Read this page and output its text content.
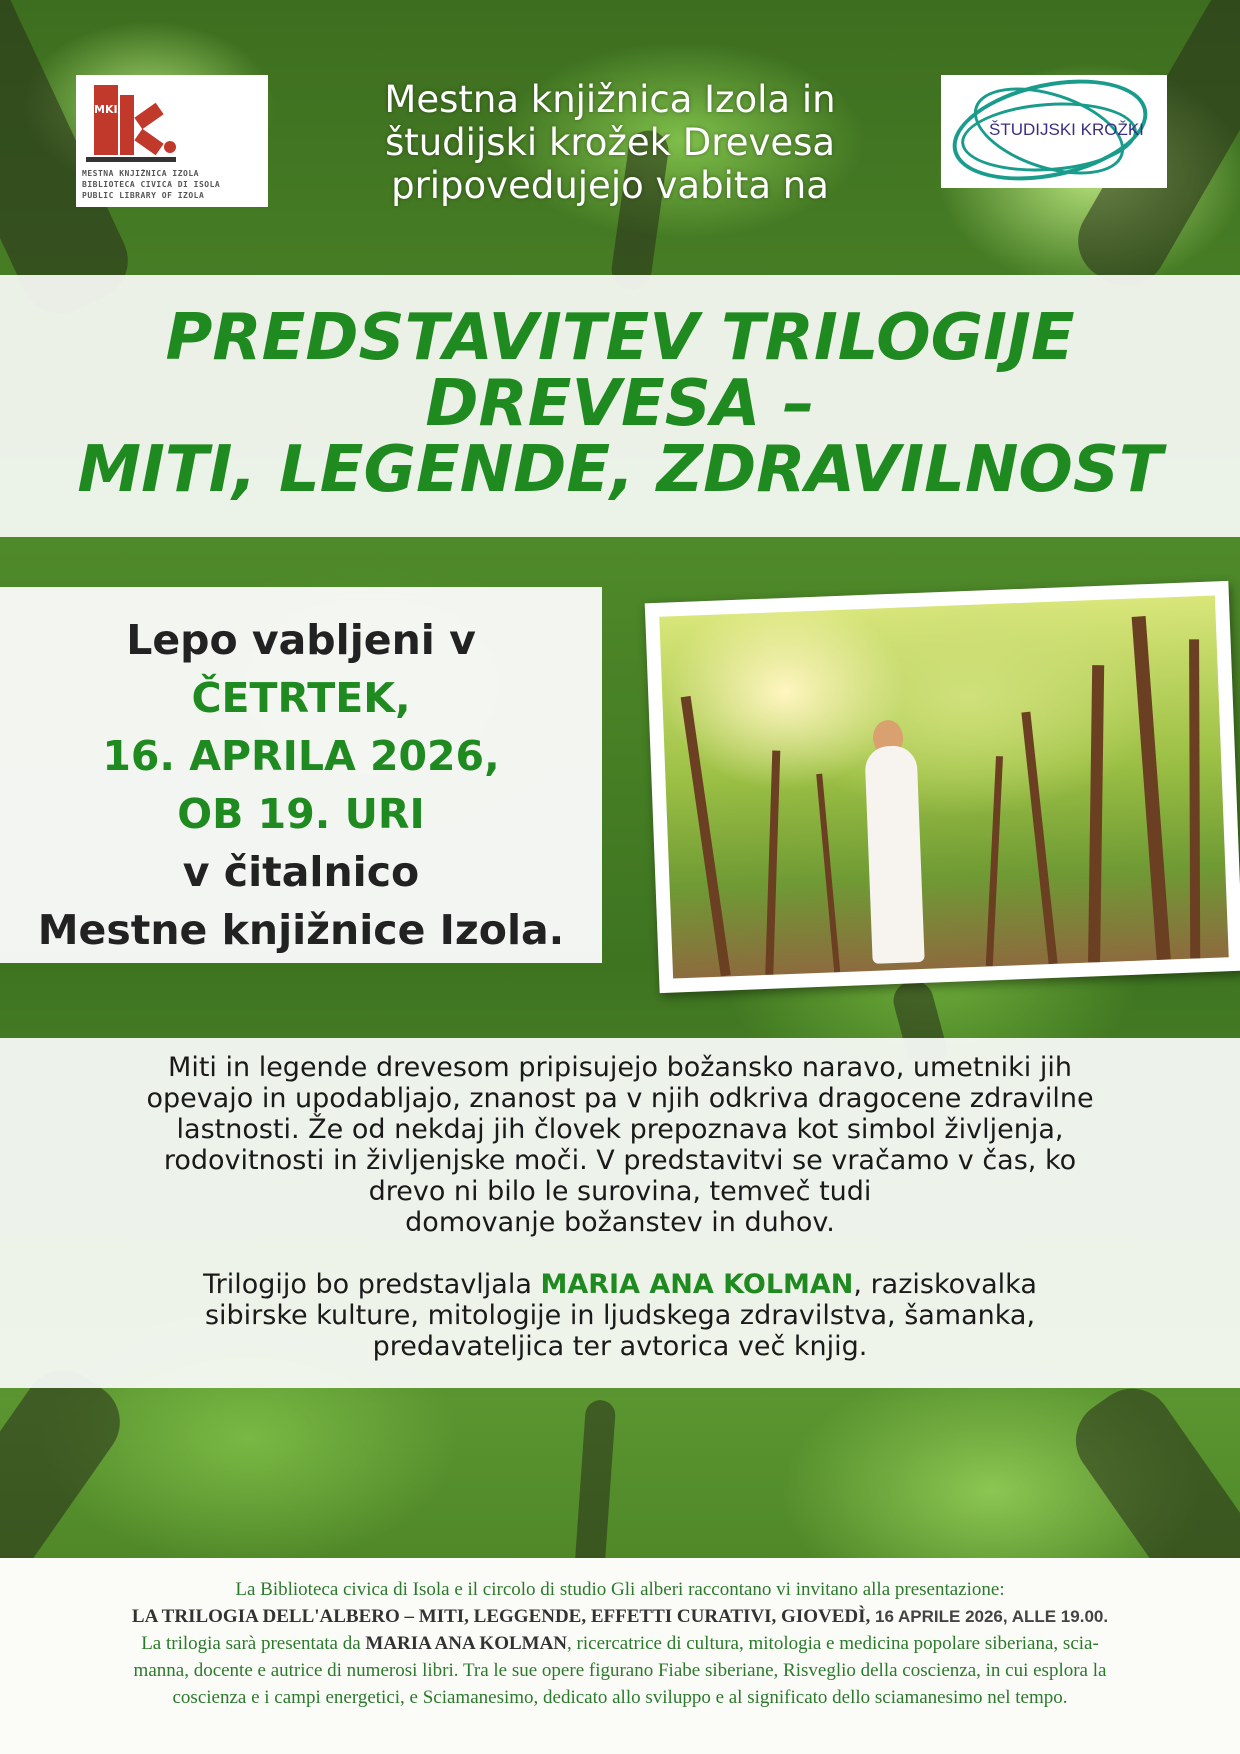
MKI
MESTNA KNJIŽNICA IZOLA
BIBLIOTECA CIVICA DI ISOLA
PUBLIC LIBRARY OF IZOLA
Mestna knjižnica Izola in
študijski krožek Drevesa
pripovedujejo vabita na
ŠTUDIJSKI KROŽKI
PREDSTAVITEV TRILOGIJE
DREVESA –
MITI, LEGENDE, ZDRAVILNOST
Lepo vabljeni v
ČETRTEK,
16. APRILA 2026,
OB 19. URI
v čitalnico
Mestne knjižnice Izola.
Miti in legende drevesom pripisujejo božansko naravo, umetniki jih
opevajo in upodabljajo, znanost pa v njih odkriva dragocene zdravilne
lastnosti. Že od nekdaj jih človek prepoznava kot simbol življenja,
rodovitnosti in življenjske moči. V predstavitvi se vračamo v čas, ko
drevo ni bilo le surovina, temveč tudi
domovanje božanstev in duhov.
Trilogijo bo predstavljala MARIA ANA KOLMAN, raziskovalka
sibirske kulture, mitologije in ljudskega zdravilstva, šamanka,
predavateljica ter avtorica več knjig.
La Biblioteca civica di Isola e il circolo di studio Gli alberi raccontano vi invitano alla presentazione:
LA TRILOGIA DELL'ALBERO – MITI, LEGGENDE, EFFETTI CURATIVI, GIOVEDÌ, 16 APRILE 2026, ALLE 19.00.
La trilogia sarà presentata da MARIA ANA KOLMAN, ricercatrice di cultura, mitologia e medicina popolare siberiana, scia-
manna, docente e autrice di numerosi libri. Tra le sue opere figurano Fiabe siberiane, Risveglio della coscienza, in cui esplora la
coscienza e i campi energetici, e Sciamanesimo, dedicato allo sviluppo e al significato dello sciamanesimo nel tempo.
